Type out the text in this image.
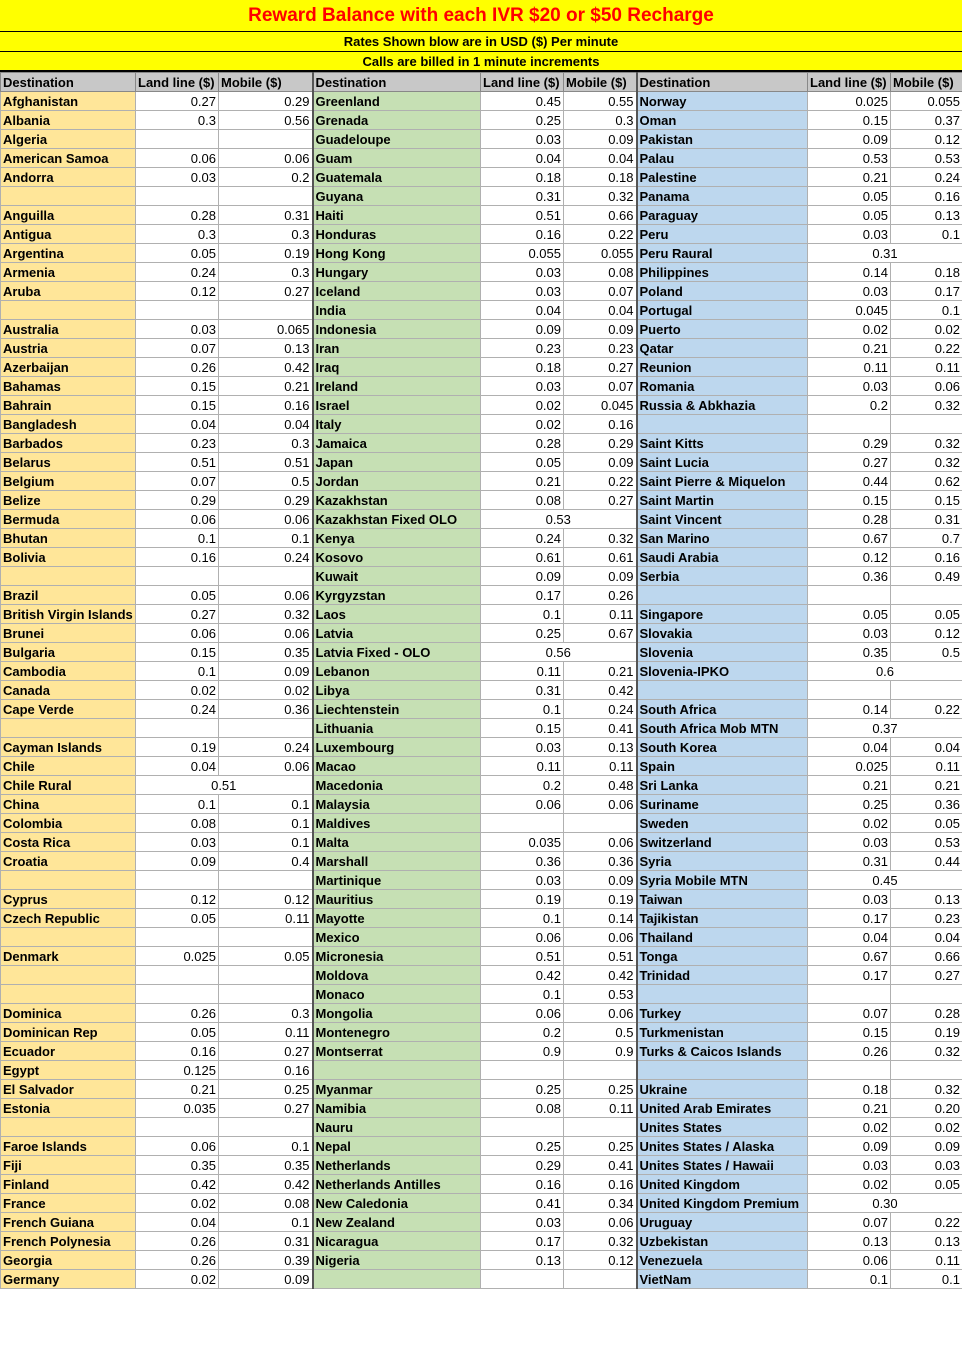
Reward Balance with each IVR $20 or $50 Recharge
Rates Shown blow are in USD ($) Per minute
Calls are billed in 1 minute increments
Destination	Land line ($)	Mobile ($)	Destination	Land line ($)	Mobile ($)	Destination	Land line ($)	Mobile ($)
Afghanistan	0.27	0.29	Greenland	0.45	0.55	Norway	0.025	0.055
Albania	0.3	0.56	Grenada	0.25	0.3	Oman	0.15	0.37
Algeria			Guadeloupe	0.03	0.09	Pakistan	0.09	0.12
American Samoa	0.06	0.06	Guam	0.04	0.04	Palau	0.53	0.53
Andorra	0.03	0.2	Guatemala	0.18	0.18	Palestine	0.21	0.24
			Guyana	0.31	0.32	Panama	0.05	0.16
Anguilla	0.28	0.31	Haiti	0.51	0.66	Paraguay	0.05	0.13
Antigua	0.3	0.3	Honduras	0.16	0.22	Peru	0.03	0.1
Argentina	0.05	0.19	Hong Kong	0.055	0.055	Peru Raural	0.31	
Armenia	0.24	0.3	Hungary	0.03	0.08	Philippines	0.14	0.18
Aruba	0.12	0.27	Iceland	0.03	0.07	Poland	0.03	0.17
			India	0.04	0.04	Portugal	0.045	0.1
Australia	0.03	0.065	Indonesia	0.09	0.09	Puerto	0.02	0.02
Austria	0.07	0.13	Iran	0.23	0.23	Qatar	0.21	0.22
Azerbaijan	0.26	0.42	Iraq	0.18	0.27	Reunion	0.11	0.11
Bahamas	0.15	0.21	Ireland	0.03	0.07	Romania	0.03	0.06
Bahrain	0.15	0.16	Israel	0.02	0.045	Russia & Abkhazia	0.2	0.32
Bangladesh	0.04	0.04	Italy	0.02	0.16			
Barbados	0.23	0.3	Jamaica	0.28	0.29	Saint Kitts	0.29	0.32
Belarus	0.51	0.51	Japan	0.05	0.09	Saint Lucia	0.27	0.32
Belgium	0.07	0.5	Jordan	0.21	0.22	Saint Pierre & Miquelon	0.44	0.62
Belize	0.29	0.29	Kazakhstan	0.08	0.27	Saint Martin	0.15	0.15
Bermuda	0.06	0.06	Kazakhstan Fixed OLO	0.53		Saint Vincent	0.28	0.31
Bhutan	0.1	0.1	Kenya	0.24	0.32	San Marino	0.67	0.7
Bolivia	0.16	0.24	Kosovo	0.61	0.61	Saudi Arabia	0.12	0.16
			Kuwait	0.09	0.09	Serbia	0.36	0.49
Brazil	0.05	0.06	Kyrgyzstan	0.17	0.26			
British Virgin Islands	0.27	0.32	Laos	0.1	0.11	Singapore	0.05	0.05
Brunei	0.06	0.06	Latvia	0.25	0.67	Slovakia	0.03	0.12
Bulgaria	0.15	0.35	Latvia Fixed - OLO	0.56		Slovenia	0.35	0.5
Cambodia	0.1	0.09	Lebanon	0.11	0.21	Slovenia-IPKO	0.6	
Canada	0.02	0.02	Libya	0.31	0.42			
Cape Verde	0.24	0.36	Liechtenstein	0.1	0.24	South Africa	0.14	0.22
			Lithuania	0.15	0.41	South Africa Mob MTN	0.37	
Cayman Islands	0.19	0.24	Luxembourg	0.03	0.13	South Korea	0.04	0.04
Chile	0.04	0.06	Macao	0.11	0.11	Spain	0.025	0.11
Chile Rural	0.51		Macedonia	0.2	0.48	Sri Lanka	0.21	0.21
China	0.1	0.1	Malaysia	0.06	0.06	Suriname	0.25	0.36
Colombia	0.08	0.1	Maldives			Sweden	0.02	0.05
Costa Rica	0.03	0.1	Malta	0.035	0.06	Switzerland	0.03	0.53
Croatia	0.09	0.4	Marshall	0.36	0.36	Syria	0.31	0.44
			Martinique	0.03	0.09	Syria Mobile MTN	0.45	
Cyprus	0.12	0.12	Mauritius	0.19	0.19	Taiwan	0.03	0.13
Czech Republic	0.05	0.11	Mayotte	0.1	0.14	Tajikistan	0.17	0.23
			Mexico	0.06	0.06	Thailand	0.04	0.04
Denmark	0.025	0.05	Micronesia	0.51	0.51	Tonga	0.67	0.66
			Moldova	0.42	0.42	Trinidad	0.17	0.27
			Monaco	0.1	0.53			
Dominica	0.26	0.3	Mongolia	0.06	0.06	Turkey	0.07	0.28
Dominican Rep	0.05	0.11	Montenegro	0.2	0.5	Turkmenistan	0.15	0.19
Ecuador	0.16	0.27	Montserrat	0.9	0.9	Turks & Caicos Islands	0.26	0.32
Egypt	0.125	0.16						
El Salvador	0.21	0.25	Myanmar	0.25	0.25	Ukraine	0.18	0.32
Estonia	0.035	0.27	Namibia	0.08	0.11	United Arab Emirates	0.21	0.20
			Nauru			Unites States	0.02	0.02
Faroe Islands	0.06	0.1	Nepal	0.25	0.25	Unites States / Alaska	0.09	0.09
Fiji	0.35	0.35	Netherlands	0.29	0.41	Unites States / Hawaii	0.03	0.03
Finland	0.42	0.42	Netherlands Antilles	0.16	0.16	United Kingdom	0.02	0.05
France	0.02	0.08	New Caledonia	0.41	0.34	United Kingdom Premium	0.30	
French Guiana	0.04	0.1	New Zealand	0.03	0.06	Uruguay	0.07	0.22
French Polynesia	0.26	0.31	Nicaragua	0.17	0.32	Uzbekistan	0.13	0.13
Georgia	0.26	0.39	Nigeria	0.13	0.12	Venezuela	0.06	0.11
Germany	0.02	0.09				VietNam	0.1	0.1
